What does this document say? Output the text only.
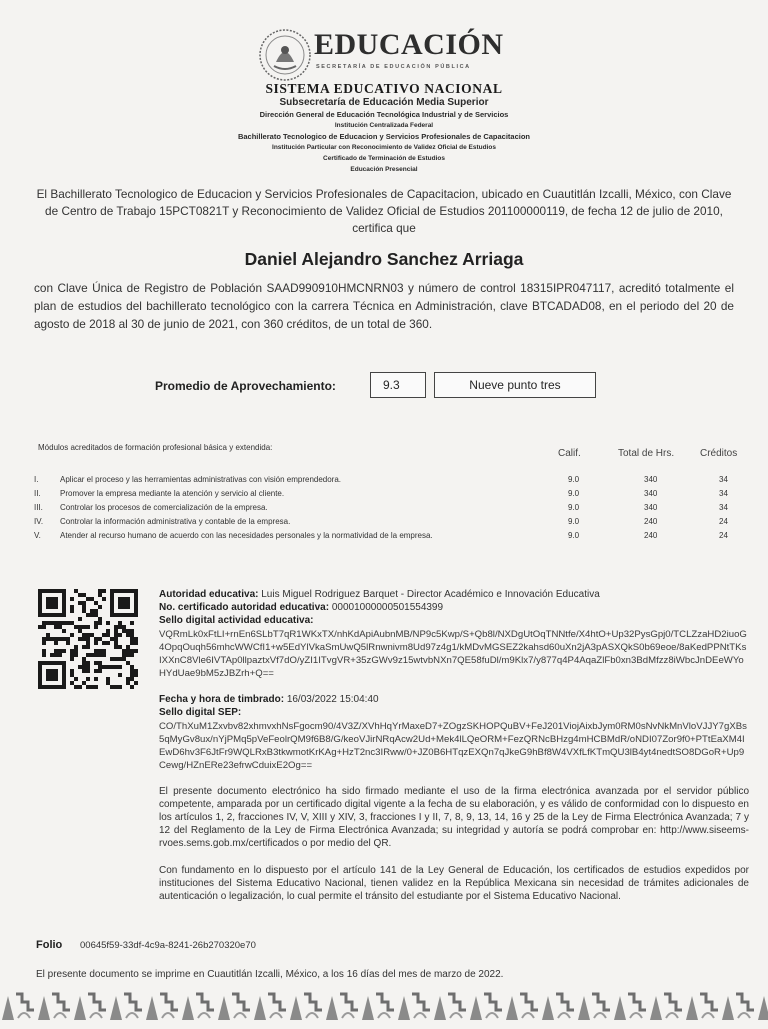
EDUCACIÓN
SECRETARÍA DE EDUCACIÓN PÚBLICA
SISTEMA EDUCATIVO NACIONAL
Subsecretaría de Educación Media Superior
Dirección General de Educación Tecnológica Industrial y de Servicios
Institución Centralizada Federal
Bachillerato Tecnologico de Educacion y Servicios Profesionales de Capacitacion
Institución Particular con Reconocimiento de Validez Oficial de Estudios
Certificado de Terminación de Estudios
Educación Presencial
El Bachillerato Tecnologico de Educacion y Servicios Profesionales de Capacitacion, ubicado en Cuautitlán Izcalli, México, con Clave de Centro de Trabajo 15PCT0821T y Reconocimiento de Validez Oficial de Estudios 201100000119, de fecha 12 de julio de 2010, certifica que
Daniel Alejandro Sanchez Arriaga
con Clave Única de Registro de Población SAAD990910HMCNRN03 y número de control 18315IPR047117, acreditó totalmente el plan de estudios del bachillerato tecnológico con la carrera Técnica en Administración, clave BTCADAD08, en el periodo del 20 de agosto de 2018 al 30 de junio de 2021, con 360 créditos, de un total de 360.
Promedio de Aprovechamiento:	9.3	Nueve punto tres
Módulos acreditados de formación profesional básica y extendida:
Calif.	Total de Hrs.	Créditos
I.	Aplicar el proceso y las herramientas administrativas con visión emprendedora.	9.0	340	34
II. Promover la empresa mediante la atención y servicio al cliente.	9.0	340	34
III. Controlar los procesos de comercialización de la empresa.	9.0	340	34
IV. Controlar la información administrativa y contable de la empresa.	9.0	240	24
V. Atender al recurso humano de acuerdo con las necesidades personales y la normatividad de la empresa.	9.0	240	24
Autoridad educativa: Luis Miguel Rodriguez Barquet - Director Académico e Innovación Educativa
No. certificado autoridad educativa: 00001000000501554399
Sello digital actividad educativa:
VQRmLk0xFtLI+rnEn6SLbT7qR1WKxTX/nhKdApiAubnMB/NP9c5Kwp/S+Qb8l/NXDgUtOqTNNtfe/X4htO+Up32PysGpj0/TCLZzaHD2iuoG4OpqOuqh56mhcWWCfI1+w5EdYlVkaSmUwQ5lRnwnivm8Ud97z4g1/kMDvMGSEZ2kahsd60uXn2jA3pASXQkS0b69eoe/8aKedPPNtTKsIXXnC8Vle6IVTAp0llpaztxVf7dO/yZI1ITvgVR+35zGWv9z15wtvbNXn7QE58fuDl/m9Klx7/y877q4P4AqaZlFb0xn3BdMfzz8iWbcJnDEeWYoHYdUae9bM5zJBZrh+Q==
Fecha y hora de timbrado: 16/03/2022 15:04:40
Sello digital SEP:
CO/ThXuM1Zxvbv82xhmvxhNsFgocm90/4V3Z/XVhHqYrMaxeD7+ZOgzSKHOPQuBV+FeJ201ViojAixbJym0RM0sNvNkMnVloVJJY7gXBs5qMyGv8ux/nYjPMq5pVeFeolrQM9f6B8/G/keoVJirNRqAcw2Ud+Mek4lLQeORM+FezQRNcBHzg4mHCBMdR/oNDI07Zor9f0+PTtEaXM4IEwD6hv3F6JtFr9WQLRxB3tkwmotKrKAg+HzT2nc3IRww/0+JZ0B6HTqzEXQn7qJkeG9hBf8W4VXfLfKTmQU3lB4yt4nedtSO8DGoR+Up9Cewg/HZnERe23efrwCduixE2Og==
El presente documento electrónico ha sido firmado mediante el uso de la firma electrónica avanzada por el servidor público competente, amparada por un certificado digital vigente a la fecha de su elaboración, y es válido de conformidad con lo dispuesto en los artículos 1, 2, fracciones IV, V, XIII y XIV, 3, fracciones I y II, 7, 8, 9, 13, 14, 16 y 25 de la Ley de Firma Electrónica Avanzada; 7 y 12 del Reglamento de la Ley de Firma Electrónica Avanzada; su integridad y autoría se podrá comprobar en: http://www.siseems-rvoes.sems.gob.mx/certificados o por medio del QR.
Con fundamento en lo dispuesto por el artículo 141 de la Ley General de Educación, los certificados de estudios expedidos por instituciones del Sistema Educativo Nacional, tienen validez en la República Mexicana sin necesidad de trámites adicionales de autenticación o legalización, lo cual permite el tránsito del estudiante por el Sistema Educativo Nacional.
Folio 00645f59-33df-4c9a-8241-26b270320e70
El presente documento se imprime en Cuautitlán Izcalli, México, a los 16 días del mes de marzo de 2022.
